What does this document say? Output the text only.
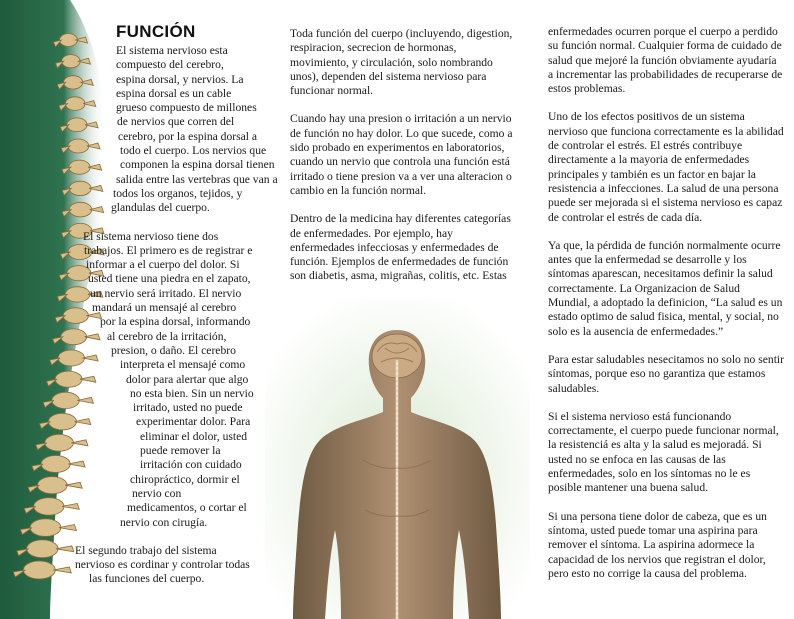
FUNCIÓN

El sistema nervioso esta
compuesto del cerebro,
espina dorsal, y nervios. La
espina dorsal es un cable
grueso compuesto de millones
de nervios que corren del
cerebro, por la espina dorsal a
todo el cuerpo. Los nervios que
componen la espina dorsal tienen
salida entre las vertebras que van a
todos los organos, tejidos, y
glandulas del cuerpo.

El sistema nervioso tiene dos
trabajos. El primero es de registrar e
informar a el cuerpo del dolor. Si
usted tiene una piedra en el zapato,
un nervio será irritado. El nervio
mandará un mensajé al cerebro
por la espina dorsal, informando
al cerebro de la irritación,
presion, o daño. El cerebro
interpreta el mensajé como
dolor para alertar que algo
no esta bien. Sin un nervio
irritado, usted no puede
experimentar dolor. Para
eliminar el dolor, usted
puede remover la
irritación con cuidado
chiropráctico, dormir el
nervio con
medicamentos, o cortar el
nervio con cirugía.

El segundo trabajo del sistema
nervioso es cordinar y controlar todas
las funciones del cuerpo.

Toda función del cuerpo (incluyendo, digestion,
respiracion, secrecion de hormonas,
movimiento, y circulación, solo nombrando
unos), dependen del sistema nervioso para
funcionar normal.

Cuando hay una presion o irritación a un nervio
de función no hay dolor. Lo que sucede, como a
sido probado en experimentos en laboratorios,
cuando un nervio que controla una función está
irritado o tiene presion va a ver una alteracion o
cambio en la función normal.

Dentro de la medicina hay diferentes categorías
de enfermedades. Por ejemplo, hay
enfermedades infecciosas y enfermedades de
función. Ejemplos de enfermedades de función
son diabetis, asma, migrañas, colitis, etc. Estas

enfermedades ocurren porque el cuerpo a perdido
su función normal. Cualquier forma de cuidado de
salud que mejoré la función obviamente ayudaría
a incrementar las probabilidades de recuperarse de
estos problemas.

Uno de los efectos positivos de un sistema
nervioso que funciona correctamente es la abilidad
de controlar el estrés. El estrés contribuye
directamente a la mayoria de enfermedades
principales y también es un factor en bajar la
resistencia a infecciones. La salud de una persona
puede ser mejorada si el sistema nervioso es capaz
de controlar el estrés de cada día.

Ya que, la pérdida de función normalmente ocurre
antes que la enfermedad se desarrolle y los
síntomas aparescan, necesitamos definir la salud
correctamente. La Organizacion de Salud
Mundial, a adoptado la definicion, “La salud es un
estado optimo de salud fisica, mental, y social, no
solo es la ausencia de enfermedades.”

Para estar saludables nesecitamos no solo no sentir
síntomas, porque eso no garantiza que estamos
saludables.

Si el sistema nervioso está funcionando
correctamente, el cuerpo puede funcionar normal,
la resistenciá es alta y la salud es mejoradá. Si
usted no se enfoca en las causas de las
enfermedades, solo en los síntomas no le es
posible mantener una buena salud.

Si una persona tiene dolor de cabeza, que es un
síntoma, usted puede tomar una aspirina para
remover el síntoma. La aspirina adormece la
capacidad de los nervios que registran el dolor,
pero esto no corrige la causa del problema.
